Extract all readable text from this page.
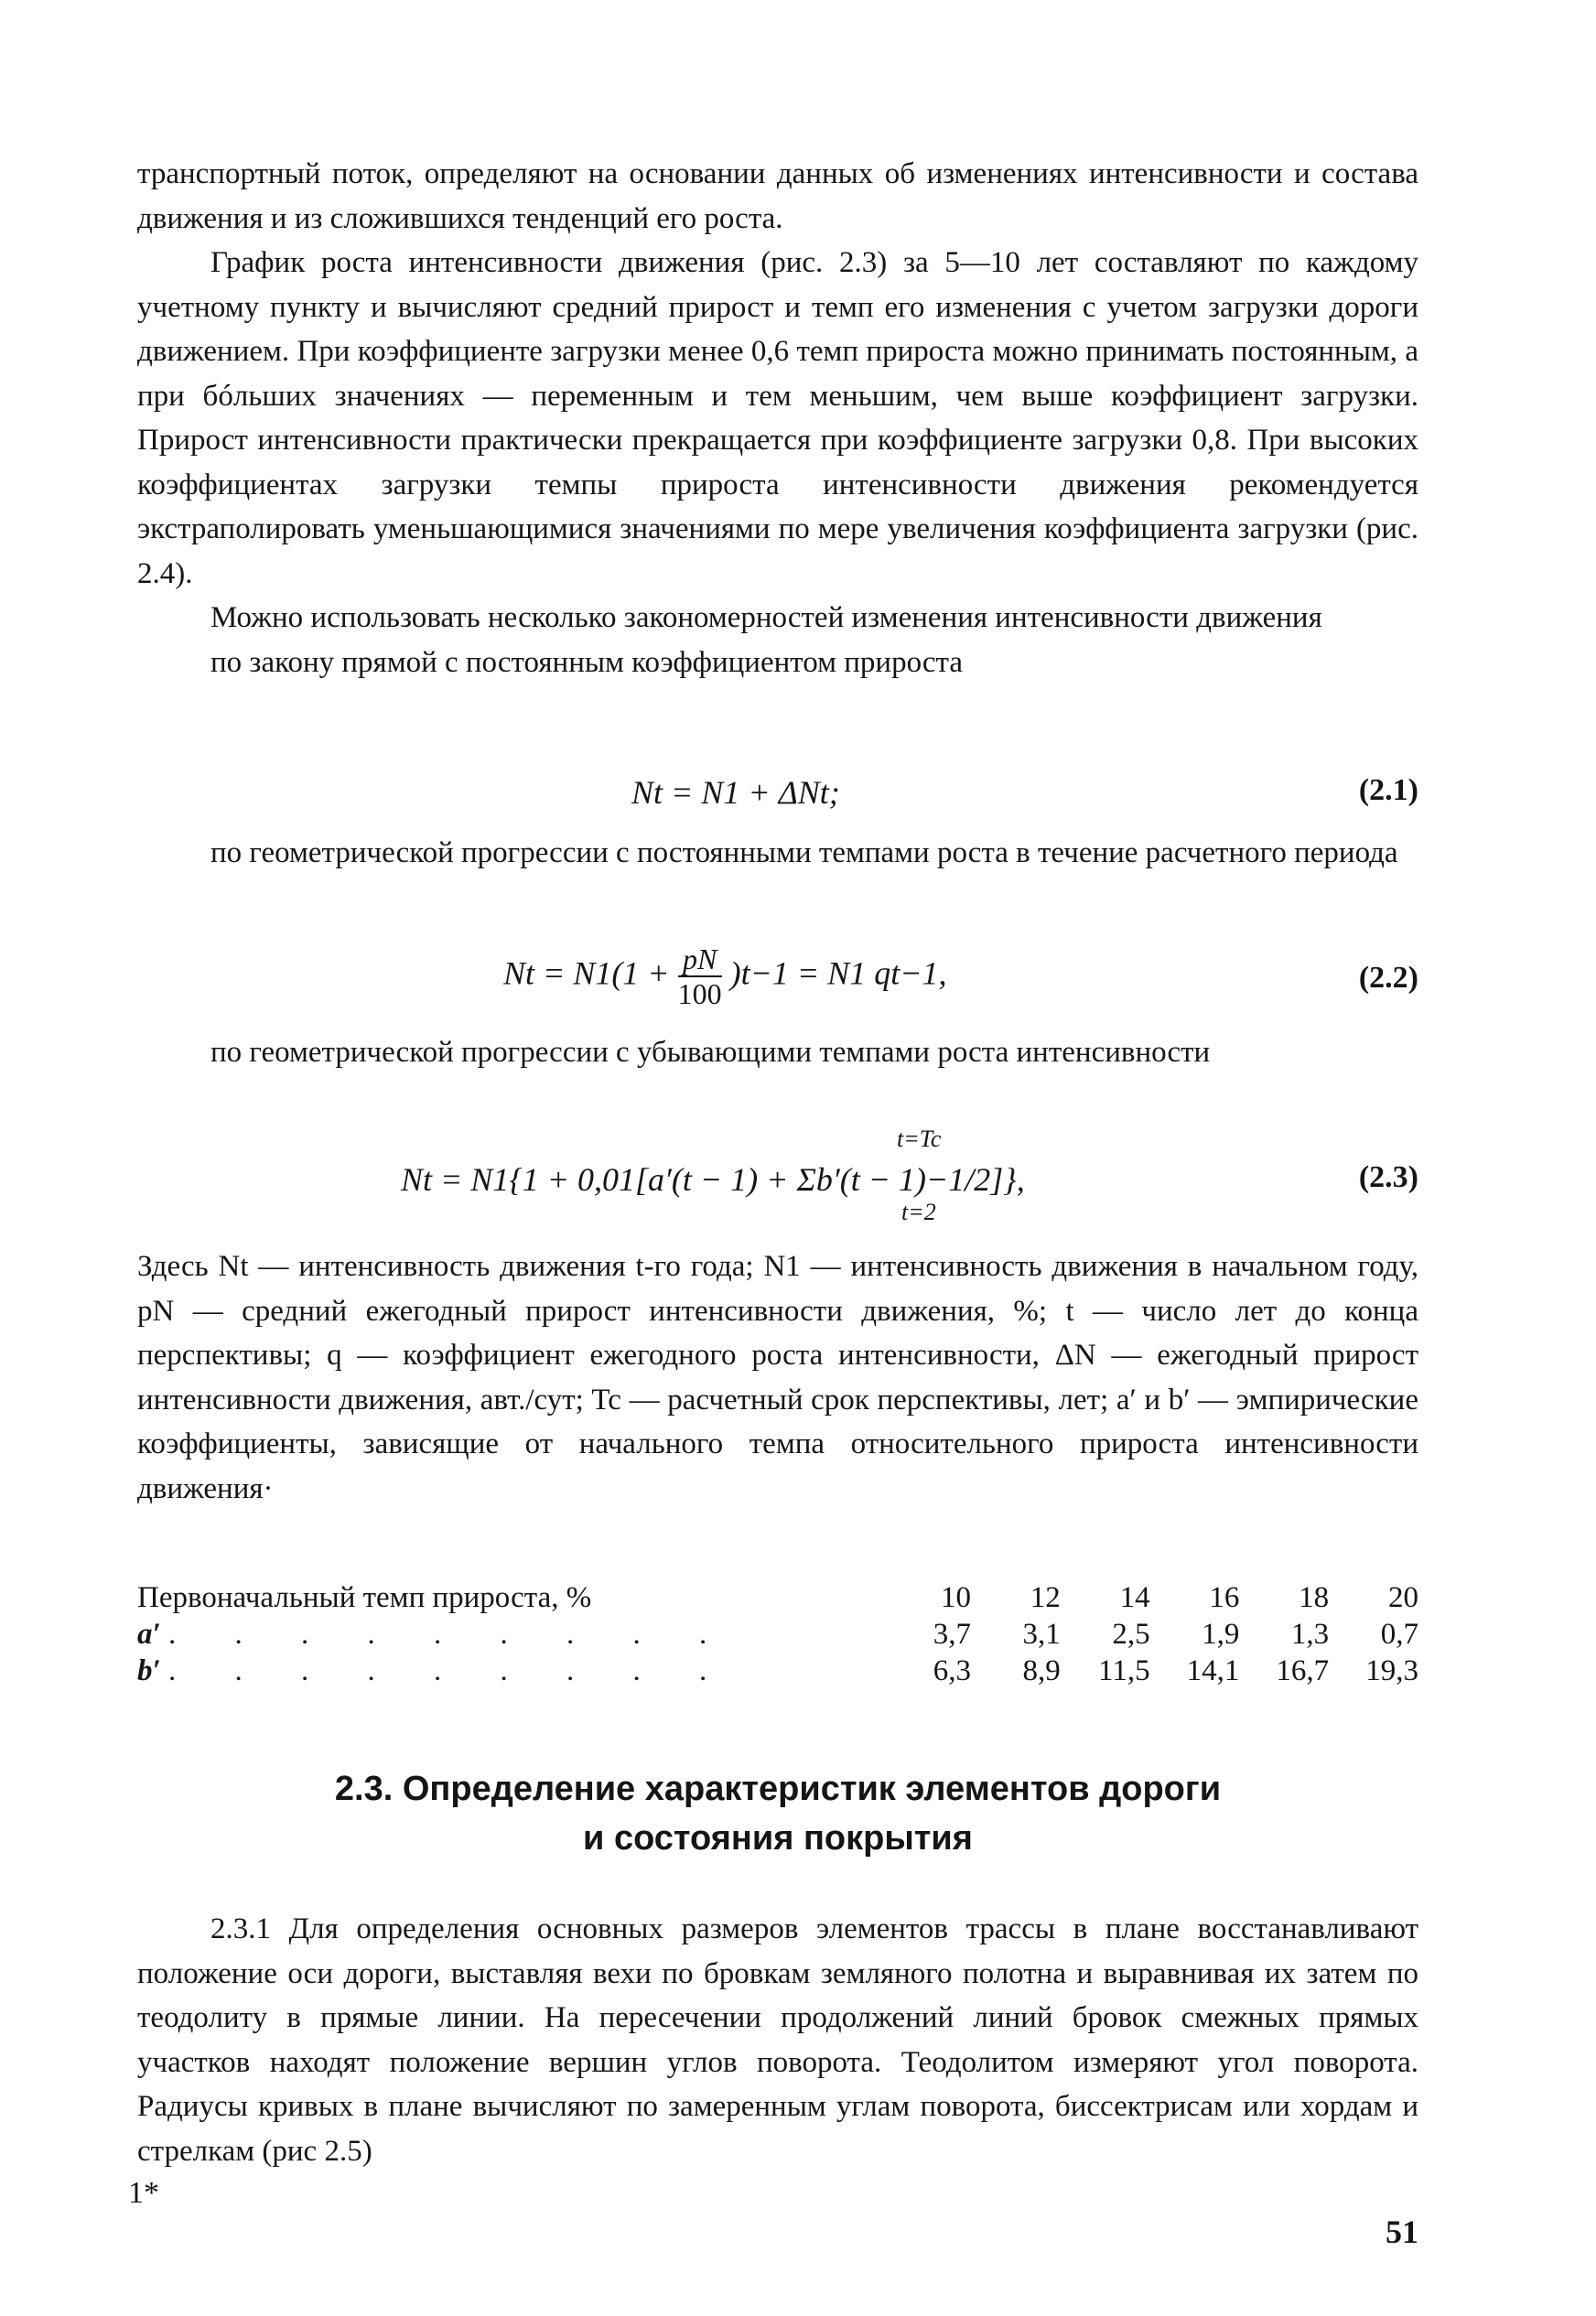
транспортный поток, определяют на основании данных об изменениях интенсивности и состава движения и из сложившихся тенденций его роста.

График роста интенсивности движения (рис. 2.3) за 5—10 лет составляют по каждому учетному пункту и вычисляют средний прирост и темп его изменения с учетом загрузки дороги движением. При коэффициенте загрузки менее 0,6 темп прироста можно принимать постоянным, а при бóльших значениях — переменным и тем меньшим, чем выше коэффициент загрузки. Прирост интенсивности практически прекращается при коэффициенте загрузки 0,8. При высоких коэффициентах загрузки темпы прироста интенсивности движения рекомендуется экстраполировать уменьшающимися значениями по мере увеличения коэффициента загрузки (рис. 2.4).

Можно использовать несколько закономерностей изменения интенсивности движения

по закону прямой с постоянным коэффициентом прироста

Nt = N1 + ΔNt;	(2.1)

по геометрической прогрессии с постоянными темпами роста в течение расчетного периода

$Nt = N1(1 + \frac{pN}{100} )t-1 = N1$ qt−1,	(2.2)

по геометрической прогрессии с убывающими темпами роста интенсивности

t=Tc
Nt = N1{1 + 0,01[a′(t − 1) + Σb′(t − 1)−1/2]},
t=2
(2.3)

Здесь Nt — интенсивность движения t-го года; N1 — интенсивность движения в начальном году, pN — средний ежегодный прирост интенсивности движения, %; t — число лет до конца перспективы; q — коэффициент ежегодного роста интенсивности, ΔN — ежегодный прирост интенсивности движения, авт./сут; Tc — расчетный срок перспективы, лет; a′ и b′ — эмпирические коэффициенты, зависящие от начального темпа относительного прироста интенсивности движения·

Первоначальный темп прироста, %	10	12	14	16	18	20
a′ . . . . . . . . .	3,7	3,1	2,5	1,9	1,3	0,7
b′ . . . . . . . . .	6,3	8,9	11,5	14,1	16,7	19,3
2.3. Определение характеристик элементов дороги
и состояния покрытия

2.3.1 Для определения основных размеров элементов трассы в плане восстанавливают положение оси дороги, выставляя вехи по бровкам земляного полотна и выравнивая их затем по теодолиту в прямые линии. На пересечении продолжений линий бровок смежных прямых участков находят положение вершин углов поворота. Теодолитом измеряют угол поворота. Радиусы кривых в плане вычисляют по замеренным углам поворота, биссектрисам или хордам и стрелкам (рис 2.5)

1*
51
